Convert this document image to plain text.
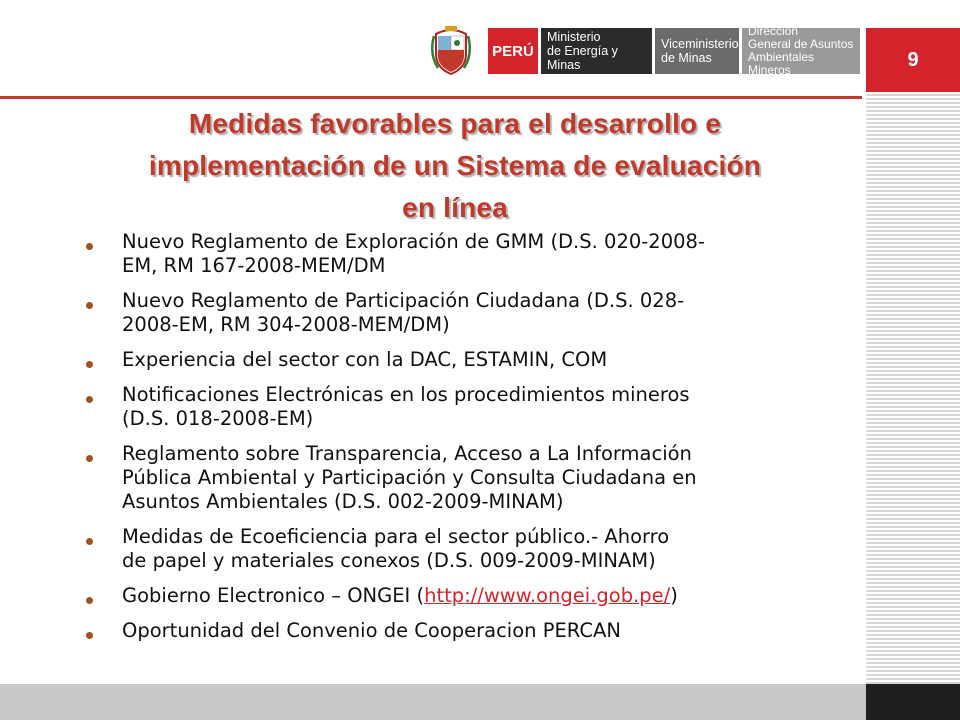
PERÚ
Ministerio
de Energía y Minas
Viceministerio
de Minas
Dirección
General de Asuntos
Ambientales Mineros	9
Medidas favorables para el desarrollo e
implementación de un Sistema de evaluación
en línea
Nuevo Reglamento de Exploración de GMM (D.S. 020-2008-
EM, RM 167-2008-MEM/DM
Nuevo Reglamento de Participación Ciudadana (D.S. 028-
2008-EM, RM 304-2008-MEM/DM)
Experiencia del sector con la DAC, ESTAMIN, COM
Notificaciones Electrónicas en los procedimientos mineros
(D.S. 018-2008-EM)
Reglamento sobre Transparencia, Acceso a La Información
Pública Ambiental y Participación y Consulta Ciudadana en
Asuntos Ambientales (D.S. 002-2009-MINAM)
Medidas de Ecoeficiencia para el sector público.- Ahorro
de papel y materiales conexos (D.S. 009-2009-MINAM)
Gobierno Electronico – ONGEI (http://www.ongei.gob.pe/)
Oportunidad del Convenio de Cooperacion PERCAN
